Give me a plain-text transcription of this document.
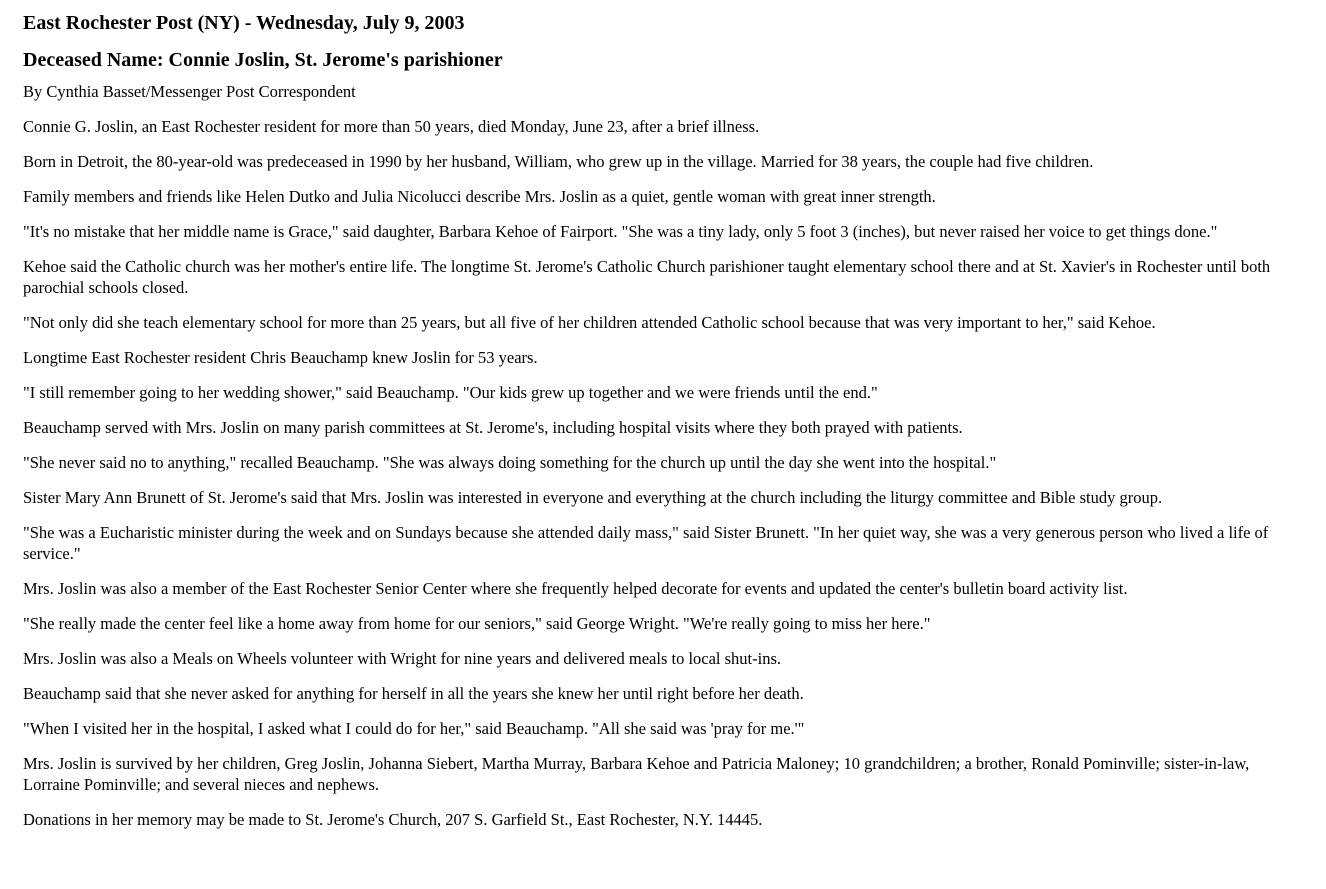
East Rochester Post (NY) - Wednesday, July 9, 2003
Deceased Name: Connie Joslin, St. Jerome's parishioner

By Cynthia Basset/Messenger Post Correspondent

Connie G. Joslin, an East Rochester resident for more than 50 years, died Monday, June 23, after a brief illness.

Born in Detroit, the 80-year-old was predeceased in 1990 by her husband, William, who grew up in the village. Married for 38 years, the couple had five children.

Family members and friends like Helen Dutko and Julia Nicolucci describe Mrs. Joslin as a quiet, gentle woman with great inner strength.

"It's no mistake that her middle name is Grace," said daughter, Barbara Kehoe of Fairport. "She was a tiny lady, only 5 foot 3 (inches), but never raised her voice to get things done."

Kehoe said the Catholic church was her mother's entire life. The longtime St. Jerome's Catholic Church parishioner taught elementary school there and at St. Xavier's in Rochester until both parochial schools closed.

"Not only did she teach elementary school for more than 25 years, but all five of her children attended Catholic school because that was very important to her," said Kehoe.

Longtime East Rochester resident Chris Beauchamp knew Joslin for 53 years.

"I still remember going to her wedding shower," said Beauchamp. "Our kids grew up together and we were friends until the end."

Beauchamp served with Mrs. Joslin on many parish committees at St. Jerome's, including hospital visits where they both prayed with patients.

"She never said no to anything," recalled Beauchamp. "She was always doing something for the church up until the day she went into the hospital."

Sister Mary Ann Brunett of St. Jerome's said that Mrs. Joslin was interested in everyone and everything at the church including the liturgy committee and Bible study group.

"She was a Eucharistic minister during the week and on Sundays because she attended daily mass," said Sister Brunett. "In her quiet way, she was a very generous person who lived a life of service."

Mrs. Joslin was also a member of the East Rochester Senior Center where she frequently helped decorate for events and updated the center's bulletin board activity list.

"She really made the center feel like a home away from home for our seniors," said George Wright. "We're really going to miss her here."

Mrs. Joslin was also a Meals on Wheels volunteer with Wright for nine years and delivered meals to local shut-ins.

Beauchamp said that she never asked for anything for herself in all the years she knew her until right before her death.

"When I visited her in the hospital, I asked what I could do for her," said Beauchamp. "All she said was 'pray for me.'"

Mrs. Joslin is survived by her children, Greg Joslin, Johanna Siebert, Martha Murray, Barbara Kehoe and Patricia Maloney; 10 grandchildren; a brother, Ronald Pominville; sister-in-law, Lorraine Pominville; and several nieces and nephews.

Donations in her memory may be made to St. Jerome's Church, 207 S. Garfield St., East Rochester, N.Y. 14445.
